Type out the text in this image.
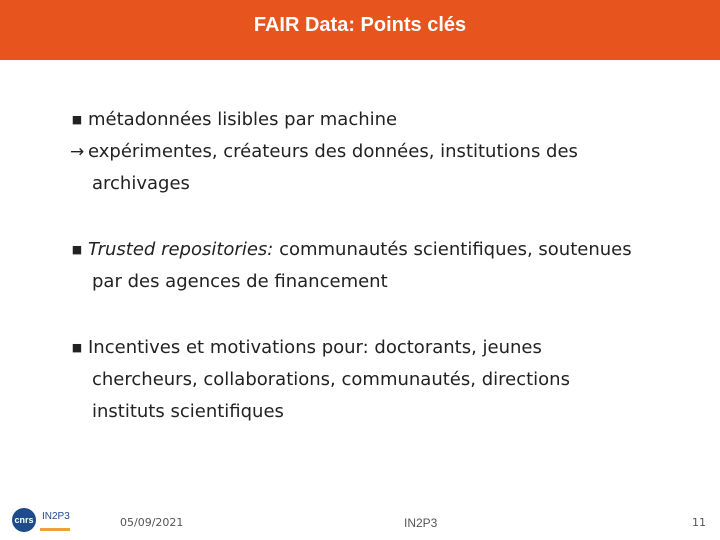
FAIR Data: Points clés
■ métadonnées lisibles par machine
→ expérimentes, créateurs des données, institutions des
archivages
■ Trusted repositories: communautés scientifiques, soutenues
par des agences de financement
■ Incentives et motivations pour: doctorants, jeunes
chercheurs, collaborations, communautés, directions
instituts scientifiques
cnrs IN2P3	05/09/2021	IN2P3	11
